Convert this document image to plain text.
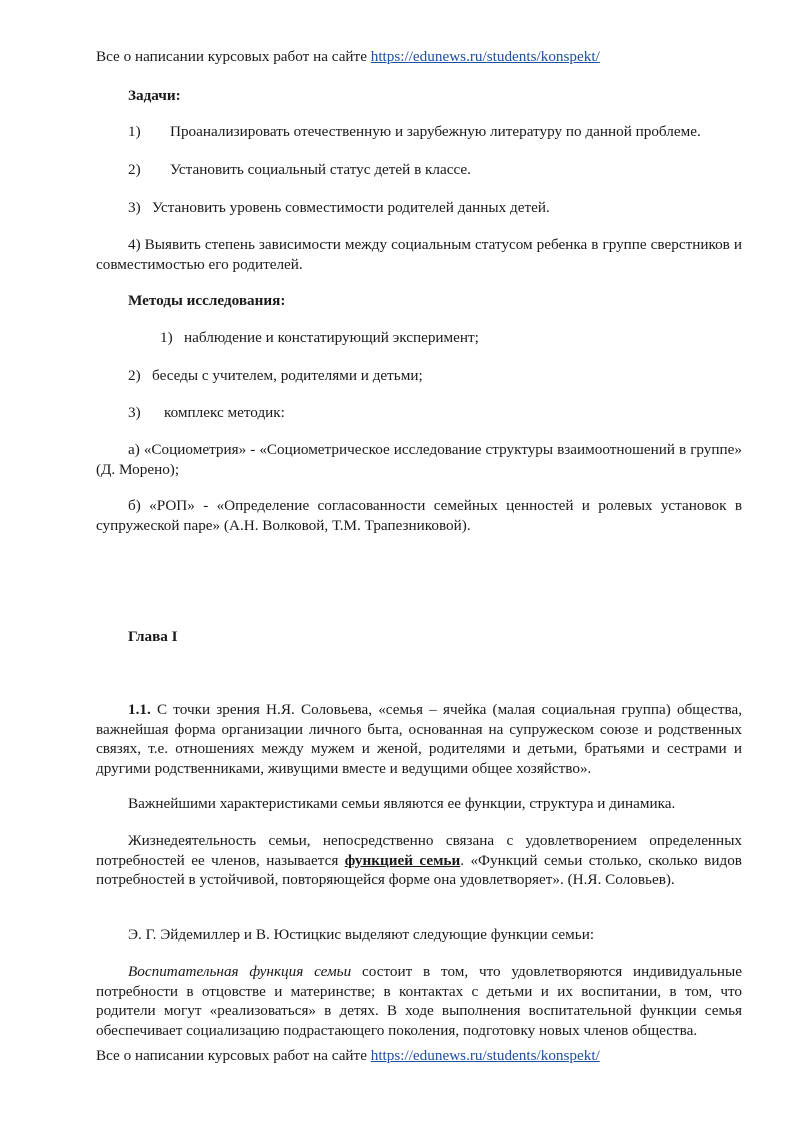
Все о написании курсовых работ на сайте https://edunews.ru/students/konspekt/
Задачи:
1) Проанализировать отечественную и зарубежную литературу по данной проблеме.
2) Установить социальный статус детей в классе.
3) Установить уровень совместимости родителей данных детей.
4) Выявить степень зависимости между социальным статусом ребенка в группе сверстников и совместимостью его родителей.
Методы исследования:
1) наблюдение и констатирующий эксперимент;
2) беседы с учителем, родителями и детьми;
3) комплекс методик:
а) «Социометрия» - «Социометрическое исследование структуры взаимоотношений в группе» (Д. Морено);
б) «РОП» - «Определение согласованности семейных ценностей и ролевых установок в супружеской паре» (А.Н. Волковой, Т.М. Трапезниковой).
Глава I
1.1. С точки зрения Н.Я. Соловьева, «семья – ячейка (малая социальная группа) общества, важнейшая форма организации личного быта, основанная на супружеском союзе и родственных связях, т.е. отношениях между мужем и женой, родителями и детьми, братьями и сестрами и другими родственниками, живущими вместе и ведущими общее хозяйство».
Важнейшими характеристиками семьи являются ее функции, структура и динамика.
Жизнедеятельность семьи, непосредственно связана с удовлетворением определенных потребностей ее членов, называется функцией семьи. «Функций семьи столько, сколько видов потребностей в устойчивой, повторяющейся форме она удовлетворяет». (Н.Я. Соловьев).
Э. Г. Эйдемиллер и В. Юстицкис выделяют следующие функции семьи:
Воспитательная функция семьи состоит в том, что удовлетворяются индивидуальные потребности в отцовстве и материнстве; в контактах с детьми и их воспитании, в том, что родители могут «реализоваться» в детях. В ходе выполнения воспитательной функции семья обеспечивает социализацию подрастающего поколения, подготовку новых членов общества.
Все о написании курсовых работ на сайте https://edunews.ru/students/konspekt/
